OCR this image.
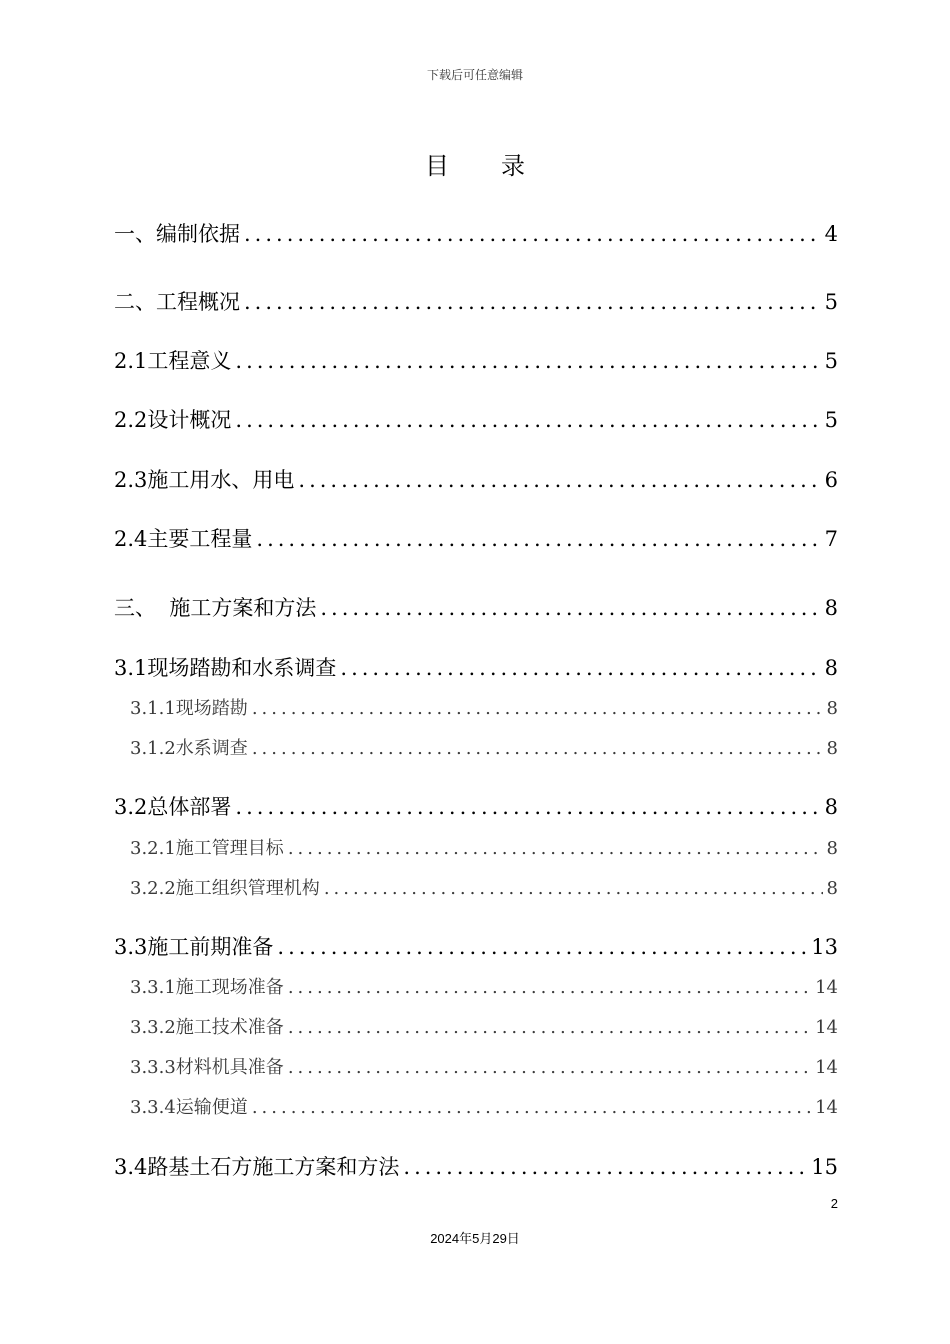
下载后可任意编辑
目录
一、编制依据 .....	4
二、工程概况 .....	5
2.1工程意义 .....	5
2.2设计概况 .....	5
2.3施工用水、用电 .....	6
2.4主要工程量 .....	7
三、  施工方案和方法 .....	8
3.1现场踏勘和水系调查 .....	8
3.1.1现场踏勘 .....	8
3.1.2水系调查 .....	8
3.2总体部署 .....	8
3.2.1施工管理目标 .....	8
3.2.2施工组织管理机构 .....	8
3.3施工前期准备 .....	13
3.3.1施工现场准备 .....	14
3.3.2施工技术准备 .....	14
3.3.3材料机具准备 .....	14
3.3.4运输便道 .....	14
3.4路基土石方施工方案和方法 .....	15
2
2024年5月29日
